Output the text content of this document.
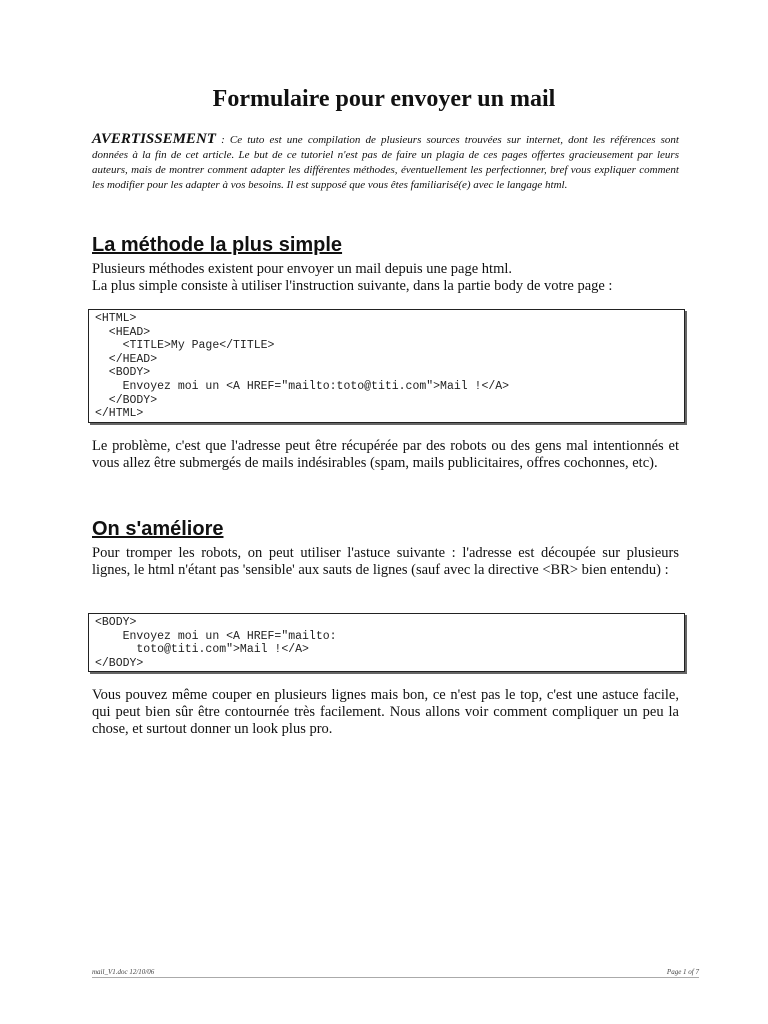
Formulaire pour envoyer un mail
AVERTISSEMENT : Ce tuto est une compilation de plusieurs sources trouvées sur internet, dont les références sont données à la fin de cet article. Le but de ce tutoriel n'est pas de faire un plagia de ces pages offertes gracieusement par leurs auteurs, mais de montrer comment adapter les différentes méthodes, éventuellement les perfectionner, bref vous expliquer comment les modifier pour les adapter à vos besoins. Il est supposé que vous êtes familiarisé(e) avec le langage html.
La méthode la plus simple
Plusieurs méthodes existent pour envoyer un mail depuis une page html.
La plus simple consiste à utiliser l'instruction suivante, dans la partie body de votre page :
<HTML>
<HEAD>
<TITLE>My Page</TITLE>
</HEAD>
<BODY>
Envoyez moi un <A HREF="mailto:toto@titi.com">Mail !</A>
</BODY>
</HTML>
Le problème, c'est que l'adresse peut être récupérée par des robots ou des gens mal intentionnés et vous allez être submergés de mails indésirables (spam, mails publicitaires, offres cochonnes, etc).
On s'améliore
Pour tromper les robots, on peut utiliser l'astuce suivante : l'adresse est découpée sur plusieurs lignes, le html n'étant pas 'sensible' aux sauts de lignes (sauf avec la directive <BR> bien entendu) :
<BODY>
Envoyez moi un <A HREF="mailto:
toto@titi.com">Mail !</A>
</BODY>
Vous pouvez même couper en plusieurs lignes mais bon, ce n'est pas le top, c'est une astuce facile, qui peut bien sûr être contournée très facilement. Nous allons voir comment compliquer un peu la chose, et surtout donner un look plus pro.
mail_V1.doc 12/10/06	Page 1 of 7
